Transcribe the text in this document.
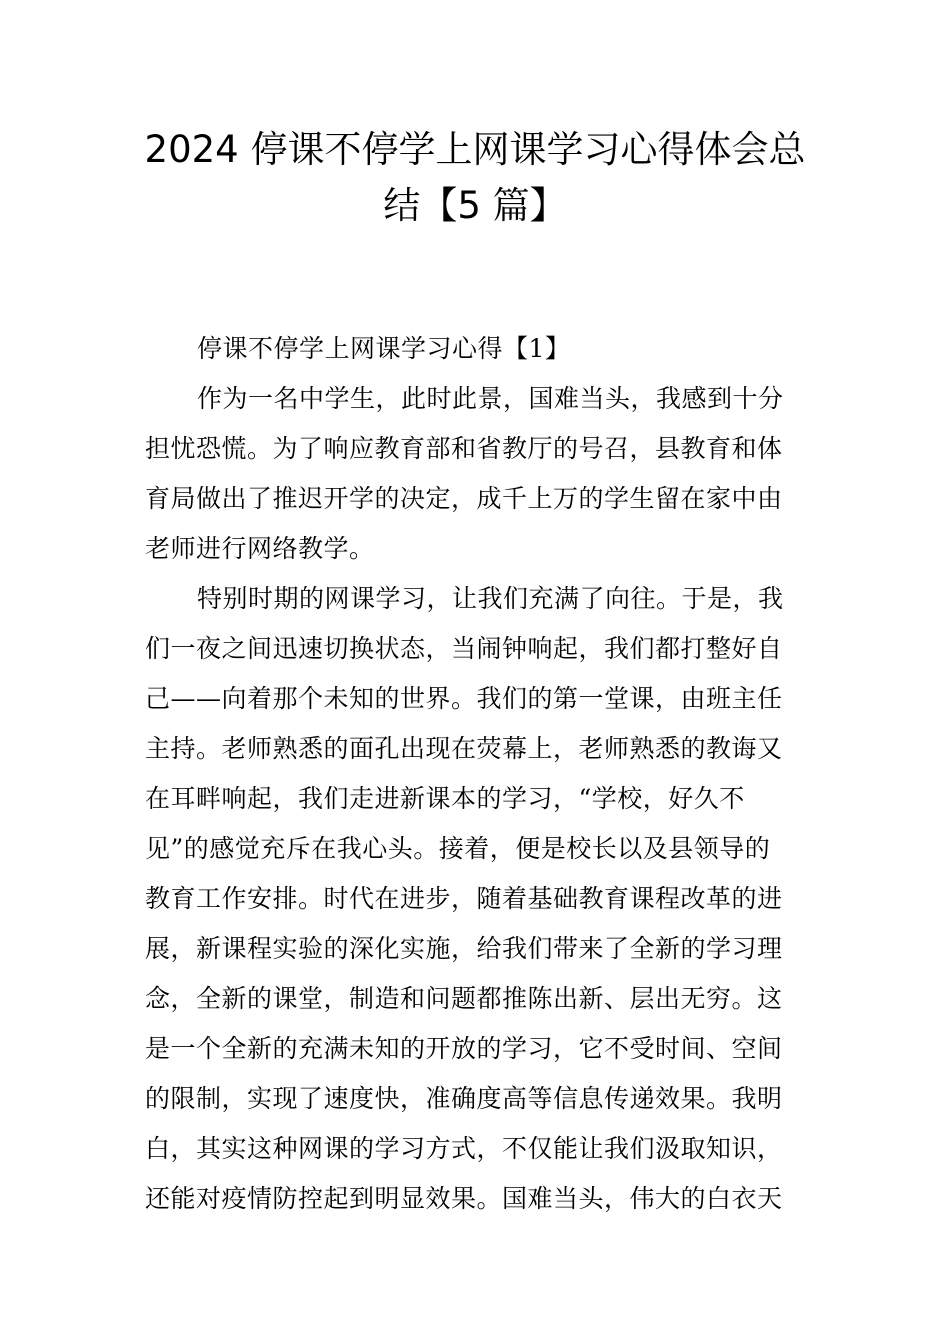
2024 停课不停学上网课学习心得体会总
结【5 篇】
停课不停学上网课学习心得【1】
作为一名中学生，此时此景，国难当头，我感到十分
担忧恐慌。为了响应教育部和省教厅的号召，县教育和体
育局做出了推迟开学的决定，成千上万的学生留在家中由
老师进行网络教学。
特别时期的网课学习，让我们充满了向往。于是，我
们一夜之间迅速切换状态，当闹钟响起，我们都打整好自
己——向着那个未知的世界。我们的第一堂课，由班主任
主持。老师熟悉的面孔出现在荧幕上，老师熟悉的教诲又
在耳畔响起，我们走进新课本的学习，“学校，好久不
见”的感觉充斥在我心头。接着，便是校长以及县领导的
教育工作安排。时代在进步，随着基础教育课程改革的进
展，新课程实验的深化实施，给我们带来了全新的学习理
念，全新的课堂，制造和问题都推陈出新、层出无穷。这
是一个全新的充满未知的开放的学习，它不受时间、空间
的限制，实现了速度快，准确度高等信息传递效果。我明
白，其实这种网课的学习方式，不仅能让我们汲取知识，
还能对疫情防控起到明显效果。国难当头，伟大的白衣天
